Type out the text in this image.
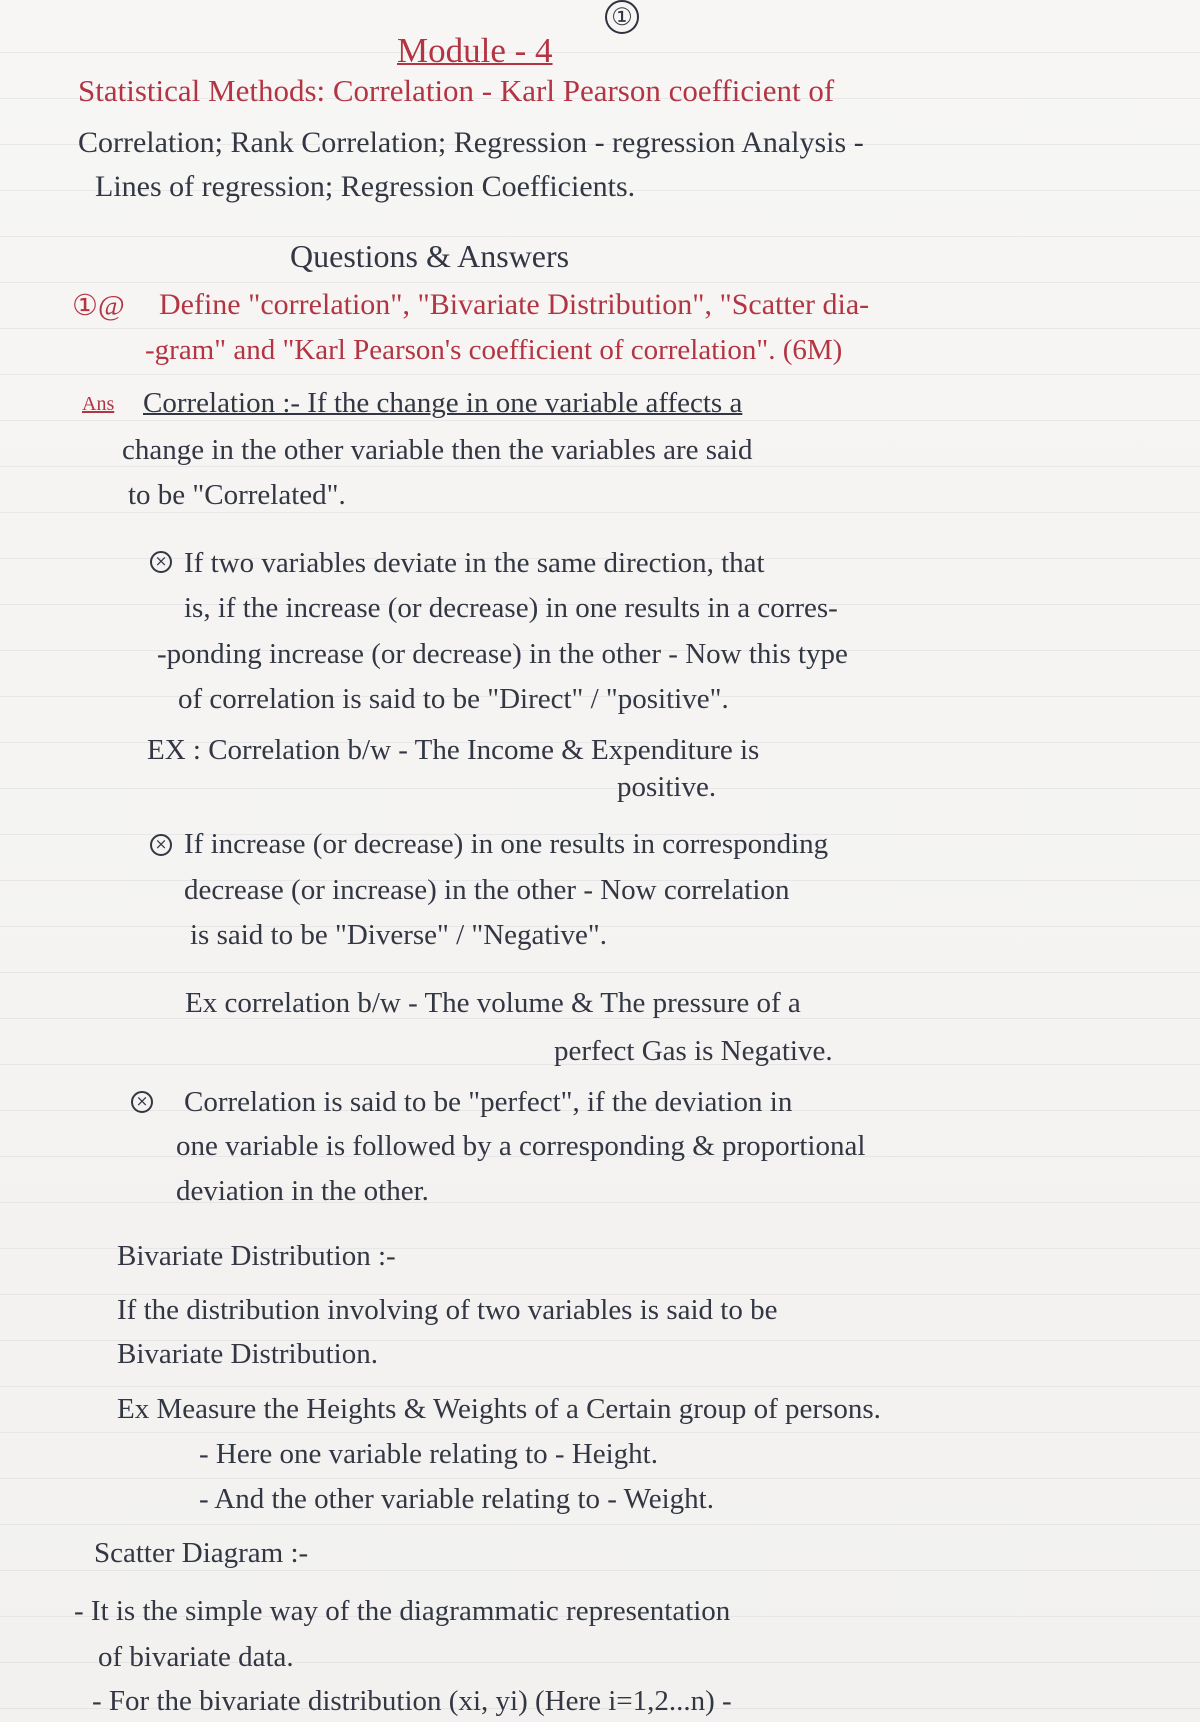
①
Module - 4
Statistical Methods: Correlation - Karl Pearson coefficient of
Correlation; Rank Correlation; Regression - regression Analysis -
Lines of regression; Regression Coefficients.
Questions & Answers
①@ Define "correlation", "Bivariate Distribution", "Scatter dia-
-gram" and "Karl Pearson's coefficient of correlation". (6M)
Ans Correlation :- If the change in one variable affects a
change in the other variable then the variables are said
to be "Correlated".
× If two variables deviate in the same direction, that
is, if the increase (or decrease) in one results in a corres-
-ponding increase (or decrease) in the other - Now this type
of correlation is said to be "Direct" / "positive".
EX : Correlation b/w - The Income & Expenditure is
positive.
× If increase (or decrease) in one results in corresponding
decrease (or increase) in the other - Now correlation
is said to be "Diverse" / "Negative".
Ex correlation b/w - The volume & The pressure of a
perfect Gas is Negative.
× Correlation is said to be "perfect", if the deviation in
one variable is followed by a corresponding & proportional
deviation in the other.
Bivariate Distribution :-
If the distribution involving of two variables is said to be
Bivariate Distribution.
Ex Measure the Heights & Weights of a Certain group of persons.
- Here one variable relating to - Height.
- And the other variable relating to - Weight.
Scatter Diagram :-
- It is the simple way of the diagrammatic representation
of bivariate data.
- For the bivariate distribution (xi, yi) (Here i=1,2...n) -
